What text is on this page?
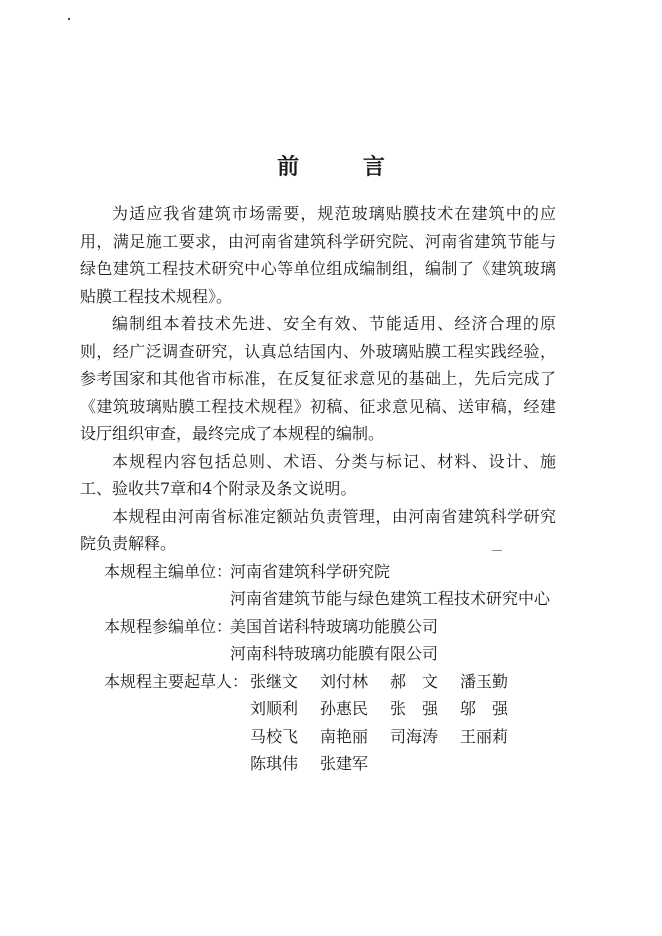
前 言

为适应我省建筑市场需要，规范玻璃贴膜技术在建筑中的应用，满足施工要求，由河南省建筑科学研究院、河南省建筑节能与绿色建筑工程技术研究中心等单位组成编制组，编制了《建筑玻璃贴膜工程技术规程》。

编制组本着技术先进、安全有效、节能适用、经济合理的原则，经广泛调查研究，认真总结国内、外玻璃贴膜工程实践经验，参考国家和其他省市标准，在反复征求意见的基础上，先后完成了《建筑玻璃贴膜工程技术规程》初稿、征求意见稿、送审稿，经建设厅组织审查，最终完成了本规程的编制。

本规程内容包括总则、术语、分类与标记、材料、设计、施工、验收共7章和4个附录及条文说明。

本规程由河南省标准定额站负责管理，由河南省建筑科学研究院负责解释。

本规程主编单位：
河南省建筑科学研究院
河南省建筑节能与绿色建筑工程技术研究中心
本规程参编单位：
美国首诺科特玻璃功能膜公司
河南科特玻璃功能膜有限公司
本规程主要起草人： 张继文	刘付林	郝　文	潘玉勤
刘顺利	孙惠民	张　强	邬　强
马校飞	南艳丽	司海涛	王丽莉
陈琪伟	张建军
